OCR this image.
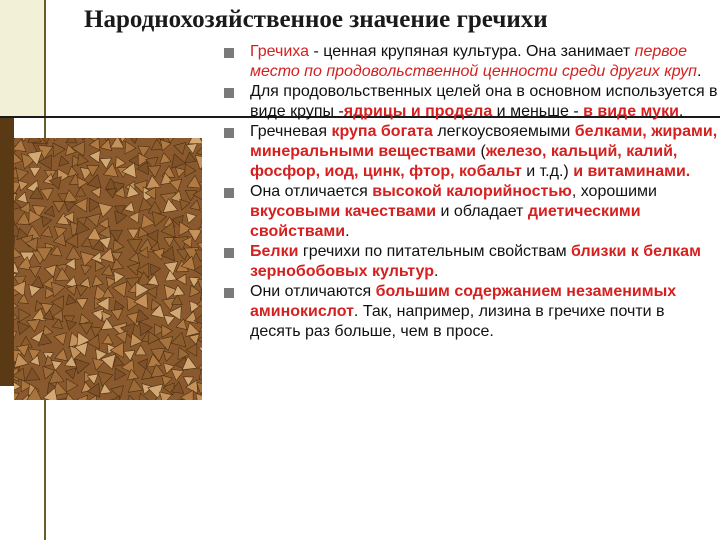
Народнохозяйственное значение гречихи

Гречиха - ценная крупяная культура. Она занимает первое место по продовольственной ценности среди других круп.

Для продовольственных целей она в основном используется в виде крупы -ядрицы и продела и меньше - в виде муки.

Гречневая крупа богата легкоусвояемыми белками, жирами, минеральными веществами (железо, кальций, калий, фосфор, иод, цинк, фтор, кобальт и т.д.) и витаминами.

Она отличается высокой калорийностью, хорошими вкусовыми качествами и обладает диетическими свойствами.

Белки гречихи по питательным свойствам близки к белкам зернобобовых культур.

Они отличаются большим содержанием незаменимых аминокислот. Так, например, лизина в гречихе почти в десять раз больше, чем в просе.
